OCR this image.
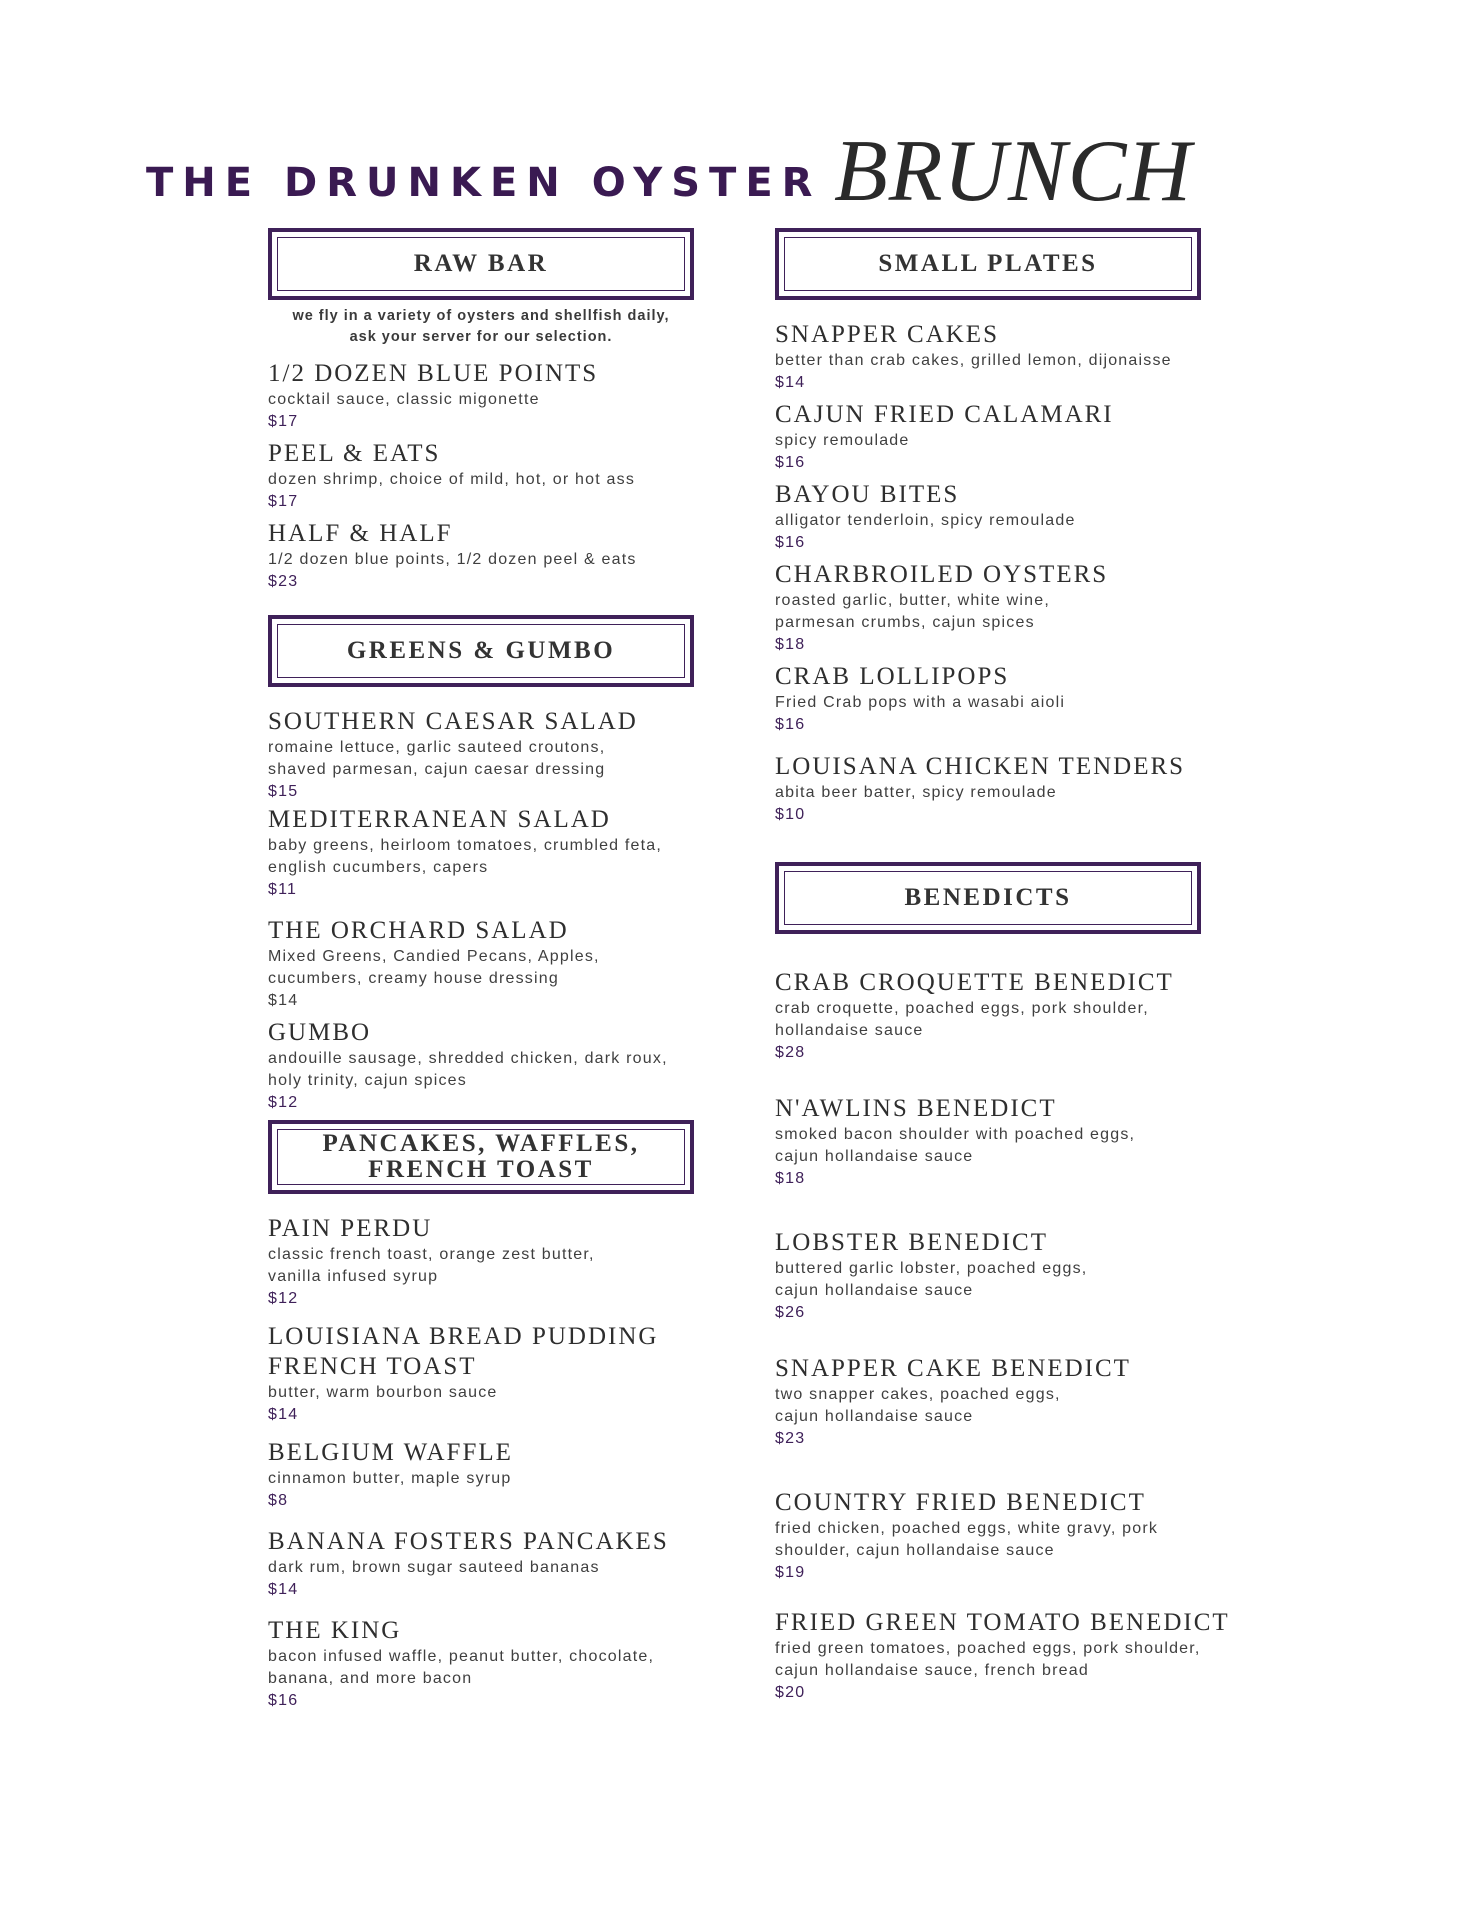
THE DRUNKEN OYSTER BRUNCH
RAW BAR
we fly in a variety of oysters and shellfish daily,
ask your server for our selection.
1/2 DOZEN BLUE POINTS
cocktail sauce, classic migonette
$17
PEEL & EATS
dozen shrimp, choice of mild, hot, or hot ass
$17
HALF & HALF
1/2 dozen blue points, 1/2 dozen peel & eats
$23
GREENS & GUMBO
SOUTHERN CAESAR SALAD
romaine lettuce, garlic sauteed croutons,
shaved parmesan, cajun caesar dressing
$15
MEDITERRANEAN SALAD
baby greens, heirloom tomatoes, crumbled feta,
english cucumbers, capers
$11
THE ORCHARD SALAD
Mixed Greens, Candied Pecans, Apples,
cucumbers, creamy house dressing
$14
GUMBO
andouille sausage, shredded chicken, dark roux,
holy trinity, cajun spices
$12
PANCAKES, WAFFLES,
FRENCH TOAST
PAIN PERDU
classic french toast, orange zest butter,
vanilla infused syrup
$12
LOUISIANA BREAD PUDDING
FRENCH TOAST
butter, warm bourbon sauce
$14
BELGIUM WAFFLE
cinnamon butter, maple syrup
$8
BANANA FOSTERS PANCAKES
dark rum, brown sugar sauteed bananas
$14
THE KING
bacon infused waffle, peanut butter, chocolate,
banana, and more bacon
$16
SMALL PLATES
SNAPPER CAKES
better than crab cakes, grilled lemon, dijonaisse
$14
CAJUN FRIED CALAMARI
spicy remoulade
$16
BAYOU BITES
alligator tenderloin, spicy remoulade
$16
CHARBROILED OYSTERS
roasted garlic, butter, white wine,
parmesan crumbs, cajun spices
$18
CRAB LOLLIPOPS
Fried Crab pops with a wasabi aioli
$16
LOUISANA CHICKEN TENDERS
abita beer batter, spicy remoulade
$10
BENEDICTS
CRAB CROQUETTE BENEDICT
crab croquette, poached eggs, pork shoulder,
hollandaise sauce
$28
N'AWLINS BENEDICT
smoked bacon shoulder with poached eggs,
cajun hollandaise sauce
$18
LOBSTER BENEDICT
buttered garlic lobster, poached eggs,
cajun hollandaise sauce
$26
SNAPPER CAKE BENEDICT
two snapper cakes, poached eggs,
cajun hollandaise sauce
$23
COUNTRY FRIED BENEDICT
fried chicken, poached eggs, white gravy, pork
shoulder, cajun hollandaise sauce
$19
FRIED GREEN TOMATO BENEDICT
fried green tomatoes, poached eggs, pork shoulder,
cajun hollandaise sauce, french bread
$20
